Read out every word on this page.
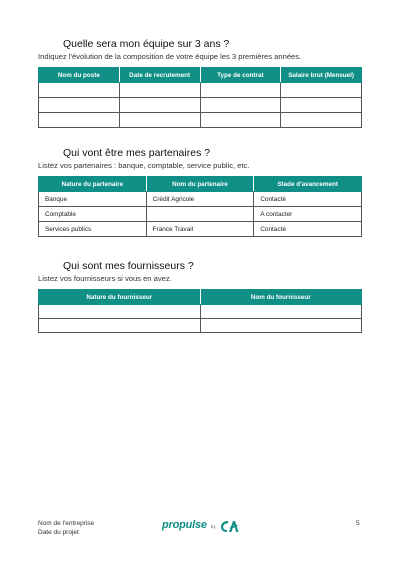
Quelle sera mon équipe sur 3 ans ?

Indiquez l'évolution de la composition de votre équipe les 3 premières années.

Nom du poste	Date de recrutement	Type de contrat	Salaire brut (Mensuel)

Qui vont être mes partenaires ?

Listez vos partenaires : banque, comptable, service public, etc.

Nature du partenaire	Nom du partenaire	Stade d'avancement
Banque	Crédit Agricole	Contacté
Comptable		A contacter
Services publics	France Travail	Contacté
Qui sont mes fournisseurs ?

Listez vos fournisseurs si vous en avez.

Nature du fournisseur	Nom du fournisseur

Nom de l'entreprise
Date du projet
propulse by	5
